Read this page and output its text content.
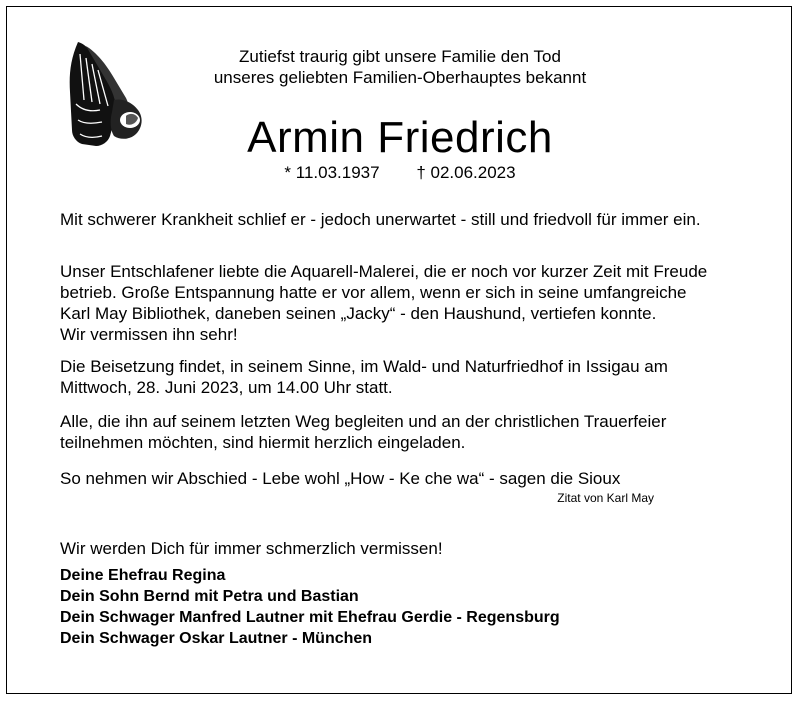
Zutiefst traurig gibt unsere Familie den Tod
unseres geliebten Familien-Oberhauptes bekannt
Armin Friedrich
* 11.03.1937 † 02.06.2023

Mit schwerer Krankheit schlief er - jedoch unerwartet - still und friedvoll für immer ein.

Unser Entschlafener liebte die Aquarell-Malerei, die er noch vor kurzer Zeit mit Freude
betrieb. Große Entspannung hatte er vor allem, wenn er sich in seine umfangreiche
Karl May Bibliothek, daneben seinen „Jacky“ - den Haushund, vertiefen konnte.
Wir vermissen ihn sehr!
Die Beisetzung findet, in seinem Sinne, im Wald- und Naturfriedhof in Issigau am
Mittwoch, 28. Juni 2023, um 14.00 Uhr statt.
Alle, die ihn auf seinem letzten Weg begleiten und an der christlichen Trauerfeier
teilnehmen möchten, sind hiermit herzlich eingeladen.

So nehmen wir Abschied - Lebe wohl „How - Ke che wa“ - sagen die Sioux

Zitat von Karl May

Wir werden Dich für immer schmerzlich vermissen!

Deine Ehefrau Regina
Dein Sohn Bernd mit Petra und Bastian
Dein Schwager Manfred Lautner mit Ehefrau Gerdie - Regensburg
Dein Schwager Oskar Lautner - München
